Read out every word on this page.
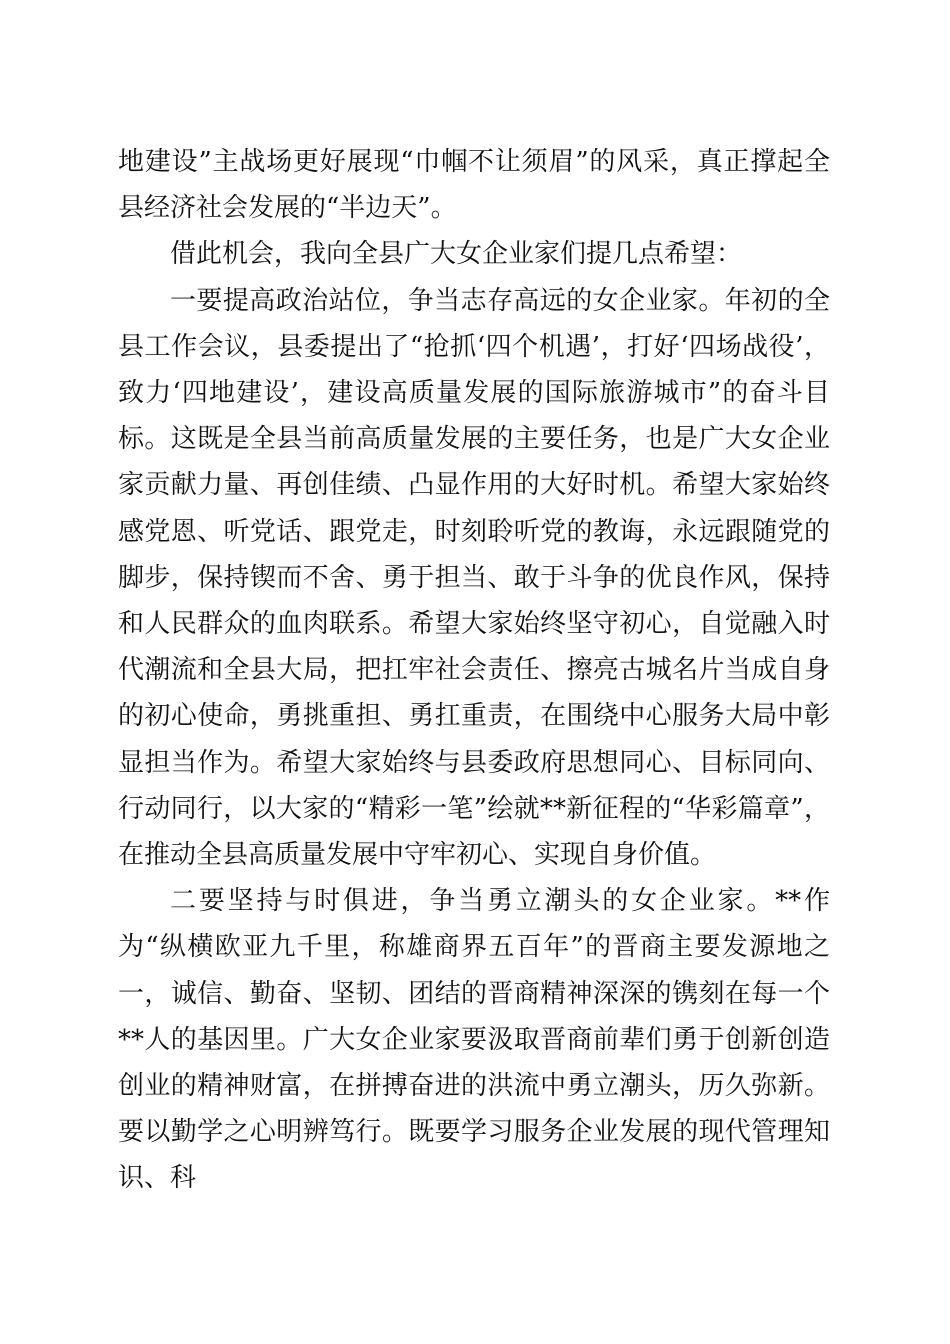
地建设”主战场更好展现“巾帼不让须眉”的风采，真正撑起全县经济社会发展的“半边天”。

借此机会，我向全县广大女企业家们提几点希望：

一要提高政治站位，争当志存高远的女企业家。年初的全县工作会议，县委提出了“抢抓‘四个机遇’，打好‘四场战役’，致力‘四地建设’，建设高质量发展的国际旅游城市”的奋斗目标。这既是全县当前高质量发展的主要任务，也是广大女企业家贡献力量、再创佳绩、凸显作用的大好时机。希望大家始终感党恩、听党话、跟党走，时刻聆听党的教诲，永远跟随党的脚步，保持锲而不舍、勇于担当、敢于斗争的优良作风，保持和人民群众的血肉联系。希望大家始终坚守初心，自觉融入时代潮流和全县大局，把扛牢社会责任、擦亮古城名片当成自身的初心使命，勇挑重担、勇扛重责，在围绕中心服务大局中彰显担当作为。希望大家始终与县委政府思想同心、目标同向、行动同行，以大家的“精彩一笔”绘就**新征程的“华彩篇章”，在推动全县高质量发展中守牢初心、实现自身价值。

二要坚持与时俱进，争当勇立潮头的女企业家。**作为“纵横欧亚九千里，称雄商界五百年”的晋商主要发源地之一，诚信、勤奋、坚韧、团结的晋商精神深深的镌刻在每一个**人的基因里。广大女企业家要汲取晋商前辈们勇于创新创造创业的精神财富，在拼搏奋进的洪流中勇立潮头，历久弥新。要以勤学之心明辨笃行。既要学习服务企业发展的现代管理知识、科
